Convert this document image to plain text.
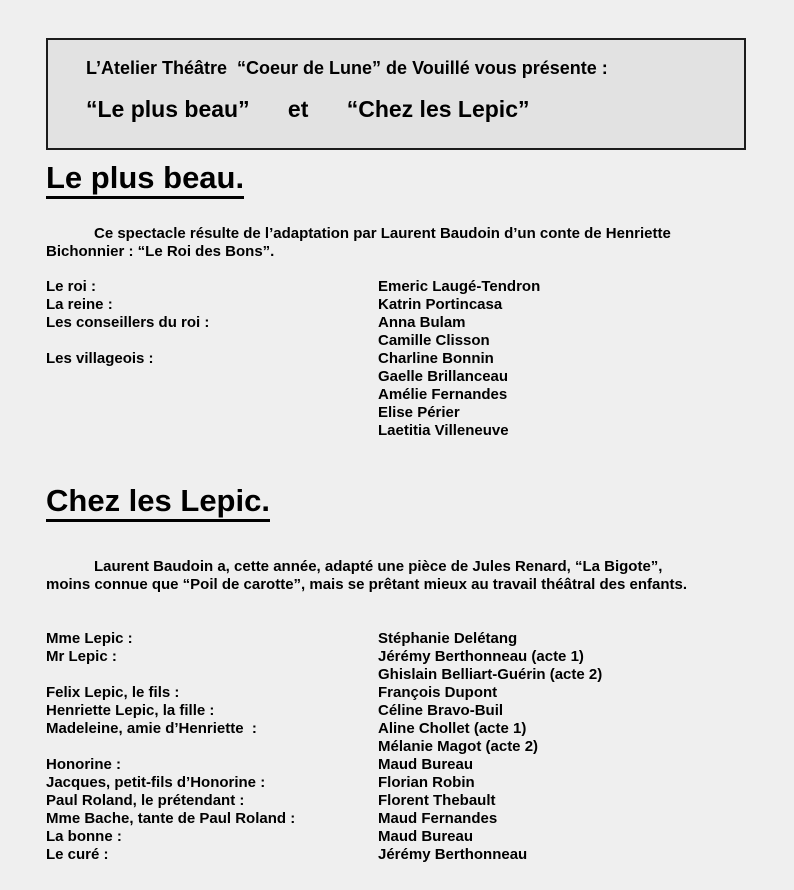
L’Atelier Théâtre  “Coeur de Lune” de Vouillé vous présente :
“Le plus beau”      et      “Chez les Lepic”
Le plus beau.
Ce spectacle résulte de l’adaptation par Laurent Baudoin d’un conte de Henriette
Bichonnier : “Le Roi des Bons”.
Le roi :	Emeric Laugé-Tendron
La reine :	Katrin Portincasa
Les conseillers du roi :	Anna Bulam
Camille Clisson
Les villageois :	Charline Bonnin
Gaelle Brillanceau
Amélie Fernandes
Elise Périer
Laetitia Villeneuve
Chez les Lepic.
Laurent Baudoin a, cette année, adapté une pièce de Jules Renard, “La Bigote”,
moins connue que “Poil de carotte”, mais se prêtant mieux au travail théâtral des enfants.
Mme Lepic :	Stéphanie Delétang
Mr Lepic :	Jérémy Berthonneau (acte 1)
Ghislain Belliart-Guérin (acte 2)
Felix Lepic, le fils :	François Dupont
Henriette Lepic, la fille :	Céline Bravo-Buil
Madeleine, amie d’Henriette  :	Aline Chollet (acte 1)
Mélanie Magot (acte 2)
Honorine :	Maud Bureau
Jacques, petit-fils d’Honorine :	Florian Robin
Paul Roland, le prétendant :	Florent Thebault
Mme Bache, tante de Paul Roland :	Maud Fernandes
La bonne :	Maud Bureau
Le curé :	Jérémy Berthonneau
